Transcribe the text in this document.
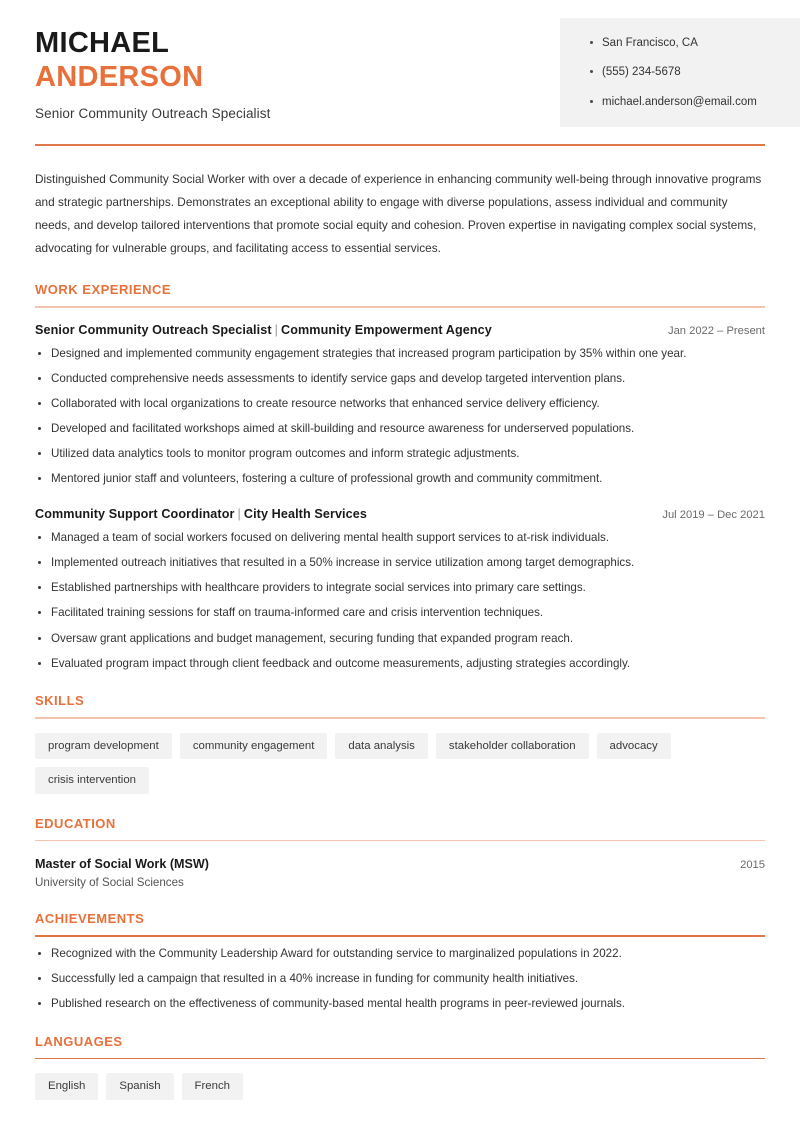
MICHAEL
ANDERSON
Senior Community Outreach Specialist
San Francisco, CA
(555) 234-5678
michael.anderson@email.com
Distinguished Community Social Worker with over a decade of experience in enhancing community well-being through innovative programs and strategic partnerships. Demonstrates an exceptional ability to engage with diverse populations, assess individual and community needs, and develop tailored interventions that promote social equity and cohesion. Proven expertise in navigating complex social systems, advocating for vulnerable groups, and facilitating access to essential services.
WORK EXPERIENCE
Senior Community Outreach Specialist | Community Empowerment Agency	Jan 2022 – Present
Designed and implemented community engagement strategies that increased program participation by 35% within one year.
Conducted comprehensive needs assessments to identify service gaps and develop targeted intervention plans.
Collaborated with local organizations to create resource networks that enhanced service delivery efficiency.
Developed and facilitated workshops aimed at skill-building and resource awareness for underserved populations.
Utilized data analytics tools to monitor program outcomes and inform strategic adjustments.
Mentored junior staff and volunteers, fostering a culture of professional growth and community commitment.
Community Support Coordinator | City Health Services	Jul 2019 – Dec 2021
Managed a team of social workers focused on delivering mental health support services to at-risk individuals.
Implemented outreach initiatives that resulted in a 50% increase in service utilization among target demographics.
Established partnerships with healthcare providers to integrate social services into primary care settings.
Facilitated training sessions for staff on trauma-informed care and crisis intervention techniques.
Oversaw grant applications and budget management, securing funding that expanded program reach.
Evaluated program impact through client feedback and outcome measurements, adjusting strategies accordingly.
SKILLS
program development	community engagement	data analysis	stakeholder collaboration	advocacy
crisis intervention
EDUCATION
Master of Social Work (MSW)	2015
University of Social Sciences
ACHIEVEMENTS
Recognized with the Community Leadership Award for outstanding service to marginalized populations in 2022.
Successfully led a campaign that resulted in a 40% increase in funding for community health initiatives.
Published research on the effectiveness of community-based mental health programs in peer-reviewed journals.
LANGUAGES
English	Spanish	French
